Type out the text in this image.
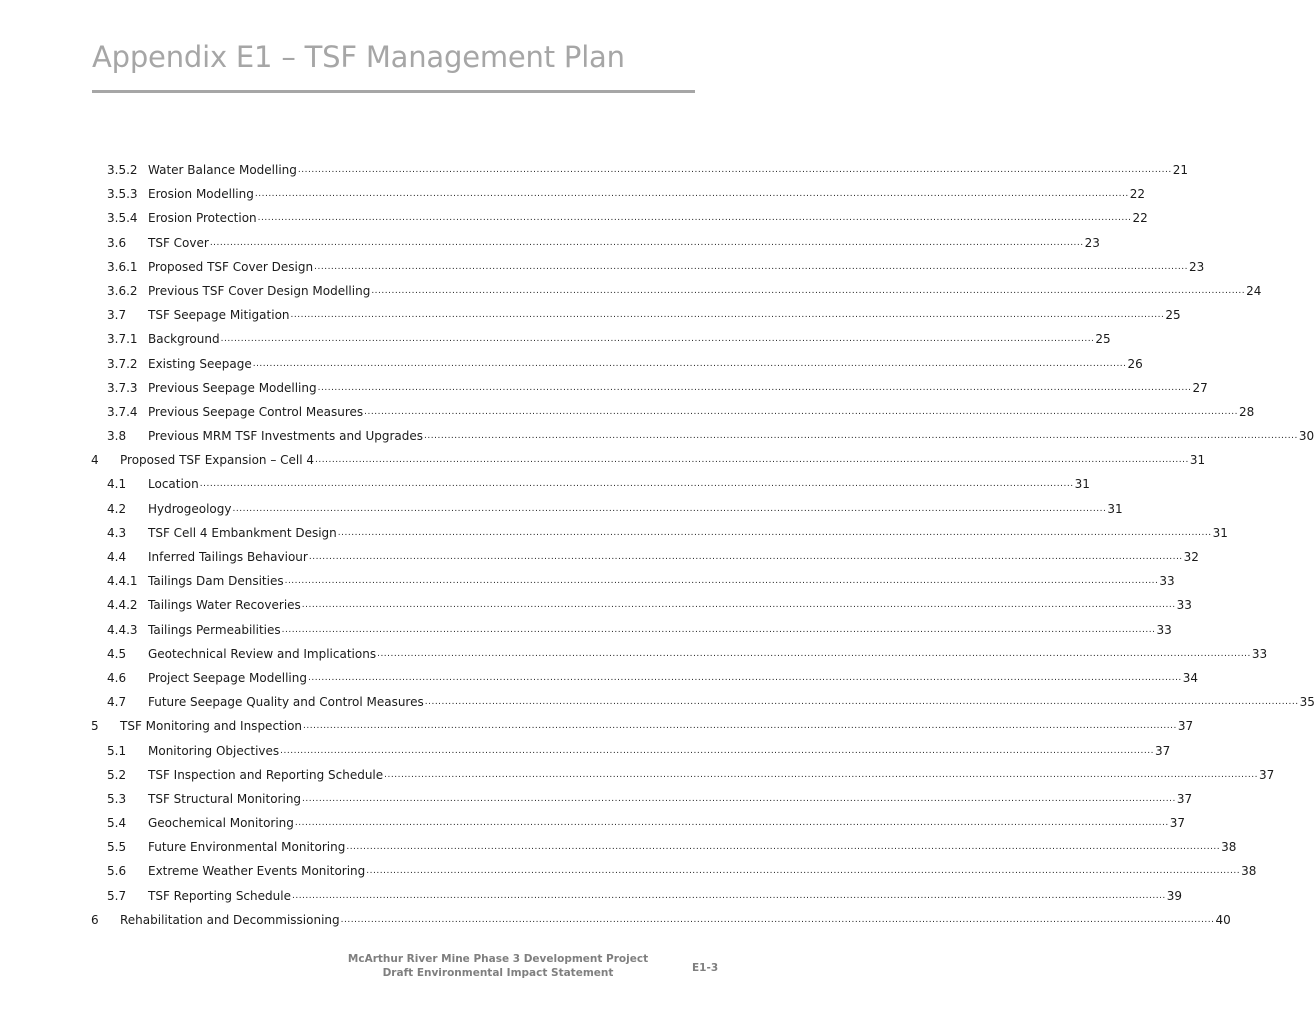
Appendix E1 – TSF Management Plan
3.5.2 Water Balance Modelling .................................................................................................................................................................................................................................................................... 21
3.5.3 Erosion Modelling .................................................................................................................................................................................................................................................................... 22
3.5.4 Erosion Protection .................................................................................................................................................................................................................................................................... 22
3.6 TSF Cover .................................................................................................................................................................................................................................................................... 23
3.6.1 Proposed TSF Cover Design .................................................................................................................................................................................................................................................................... 23
3.6.2 Previous TSF Cover Design Modelling .................................................................................................................................................................................................................................................................... 24
3.7 TSF Seepage Mitigation .................................................................................................................................................................................................................................................................... 25
3.7.1 Background .................................................................................................................................................................................................................................................................... 25
3.7.2 Existing Seepage .................................................................................................................................................................................................................................................................... 26
3.7.3 Previous Seepage Modelling .................................................................................................................................................................................................................................................................... 27
3.7.4 Previous Seepage Control Measures .................................................................................................................................................................................................................................................................... 28
3.8 Previous MRM TSF Investments and Upgrades .................................................................................................................................................................................................................................................................... 30
4 Proposed TSF Expansion – Cell 4 .................................................................................................................................................................................................................................................................... 31
4.1 Location .................................................................................................................................................................................................................................................................... 31
4.2 Hydrogeology .................................................................................................................................................................................................................................................................... 31
4.3 TSF Cell 4 Embankment Design .................................................................................................................................................................................................................................................................... 31
4.4 Inferred Tailings Behaviour .................................................................................................................................................................................................................................................................... 32
4.4.1 Tailings Dam Densities .................................................................................................................................................................................................................................................................... 33
4.4.2 Tailings Water Recoveries .................................................................................................................................................................................................................................................................... 33
4.4.3 Tailings Permeabilities .................................................................................................................................................................................................................................................................... 33
4.5 Geotechnical Review and Implications .................................................................................................................................................................................................................................................................... 33
4.6 Project Seepage Modelling .................................................................................................................................................................................................................................................................... 34
4.7 Future Seepage Quality and Control Measures .................................................................................................................................................................................................................................................................... 35
5 TSF Monitoring and Inspection .................................................................................................................................................................................................................................................................... 37
5.1 Monitoring Objectives .................................................................................................................................................................................................................................................................... 37
5.2 TSF Inspection and Reporting Schedule .................................................................................................................................................................................................................................................................... 37
5.3 TSF Structural Monitoring .................................................................................................................................................................................................................................................................... 37
5.4 Geochemical Monitoring .................................................................................................................................................................................................................................................................... 37
5.5 Future Environmental Monitoring .................................................................................................................................................................................................................................................................... 38
5.6 Extreme Weather Events Monitoring .................................................................................................................................................................................................................................................................... 38
5.7 TSF Reporting Schedule .................................................................................................................................................................................................................................................................... 39
6 Rehabilitation and Decommissioning .................................................................................................................................................................................................................................................................... 40
McArthur River Mine Phase 3 Development Project
Draft Environmental Impact Statement	E1-3
